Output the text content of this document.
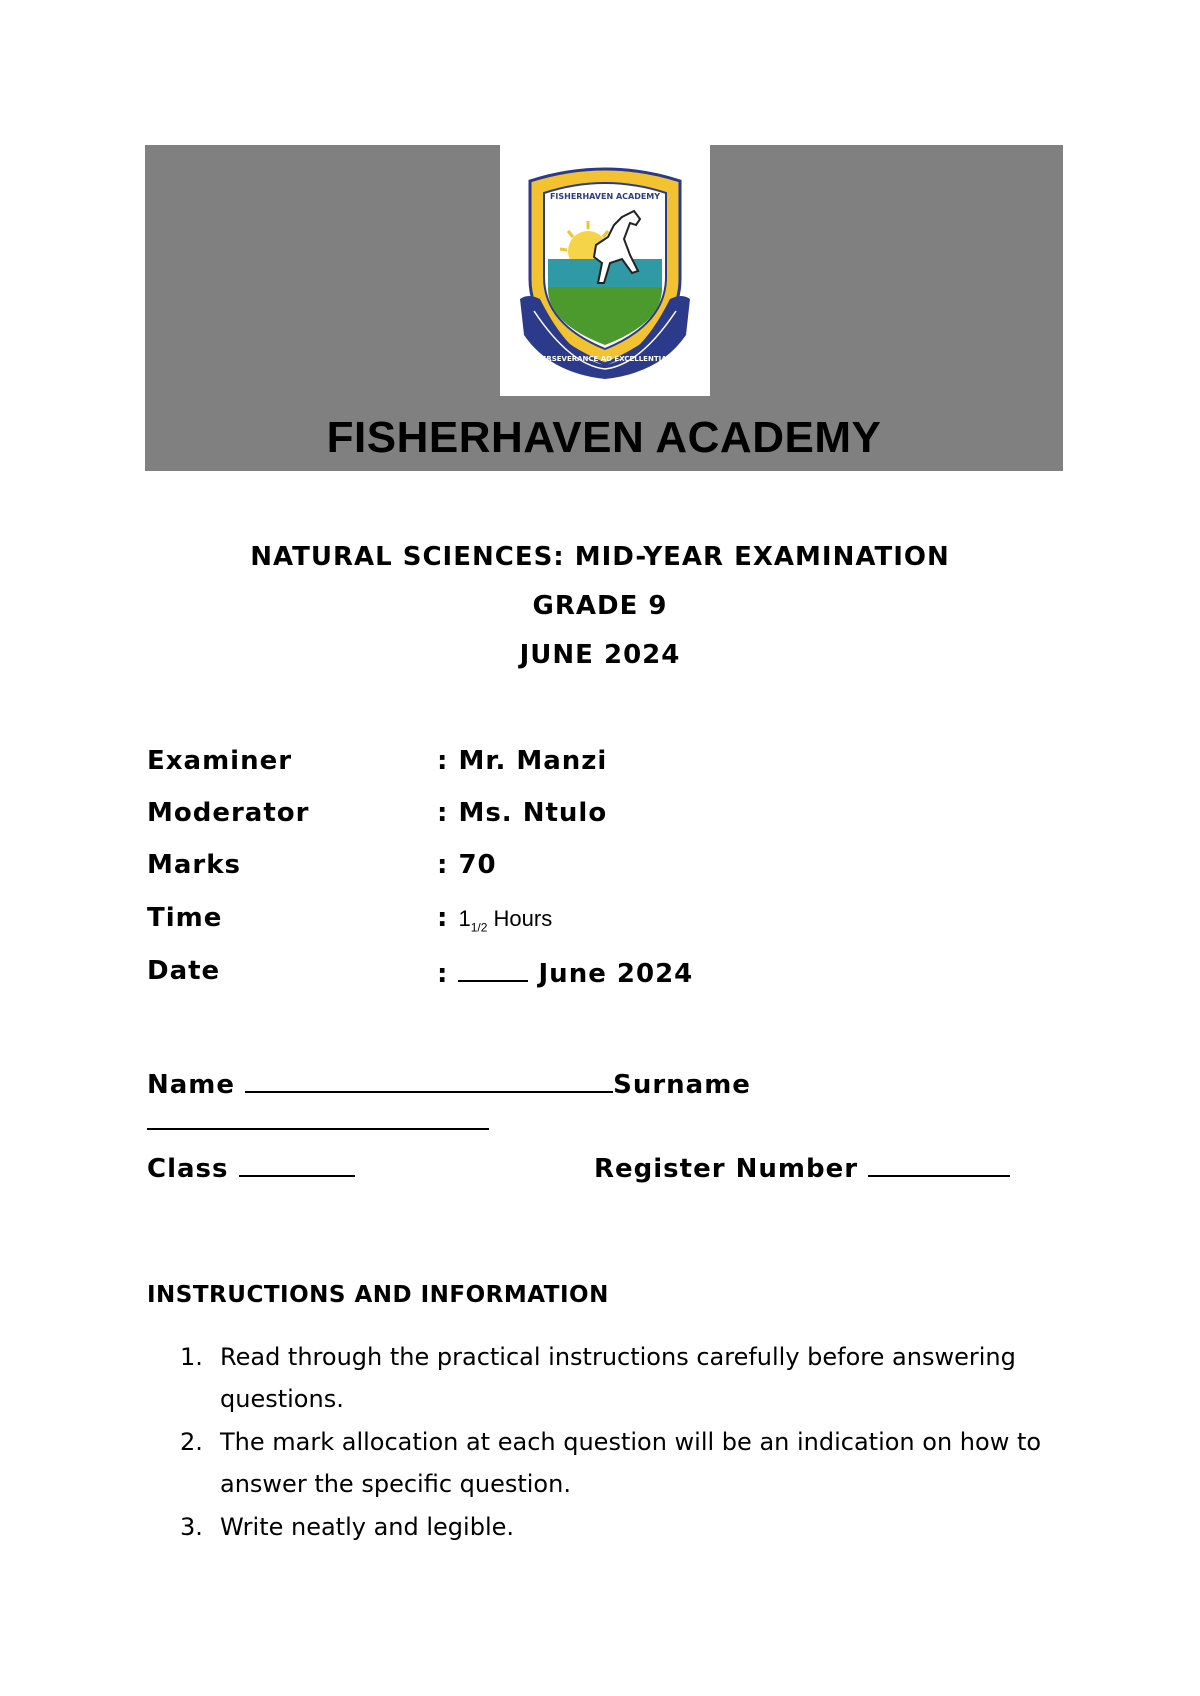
FISHERHAVEN ACADEMY
PERSEVERANCE AD EXCELLENTIAM
FISHERHAVEN ACADEMY
NATURAL SCIENCES: MID-YEAR EXAMINATION
GRADE 9
JUNE 2024
Examiner	: Mr. Manzi
Moderator	: Ms. Ntulo
Marks	: 70
Time	: $1_{1/2}$ Hours
Date	:	June 2024
Name	Surname
Class	Register Number
INSTRUCTIONS AND INFORMATION
1. Read through the practical instructions carefully before answering questions.
2. The mark allocation at each question will be an indication on how to answer the specific question.
3. Write neatly and legible.
